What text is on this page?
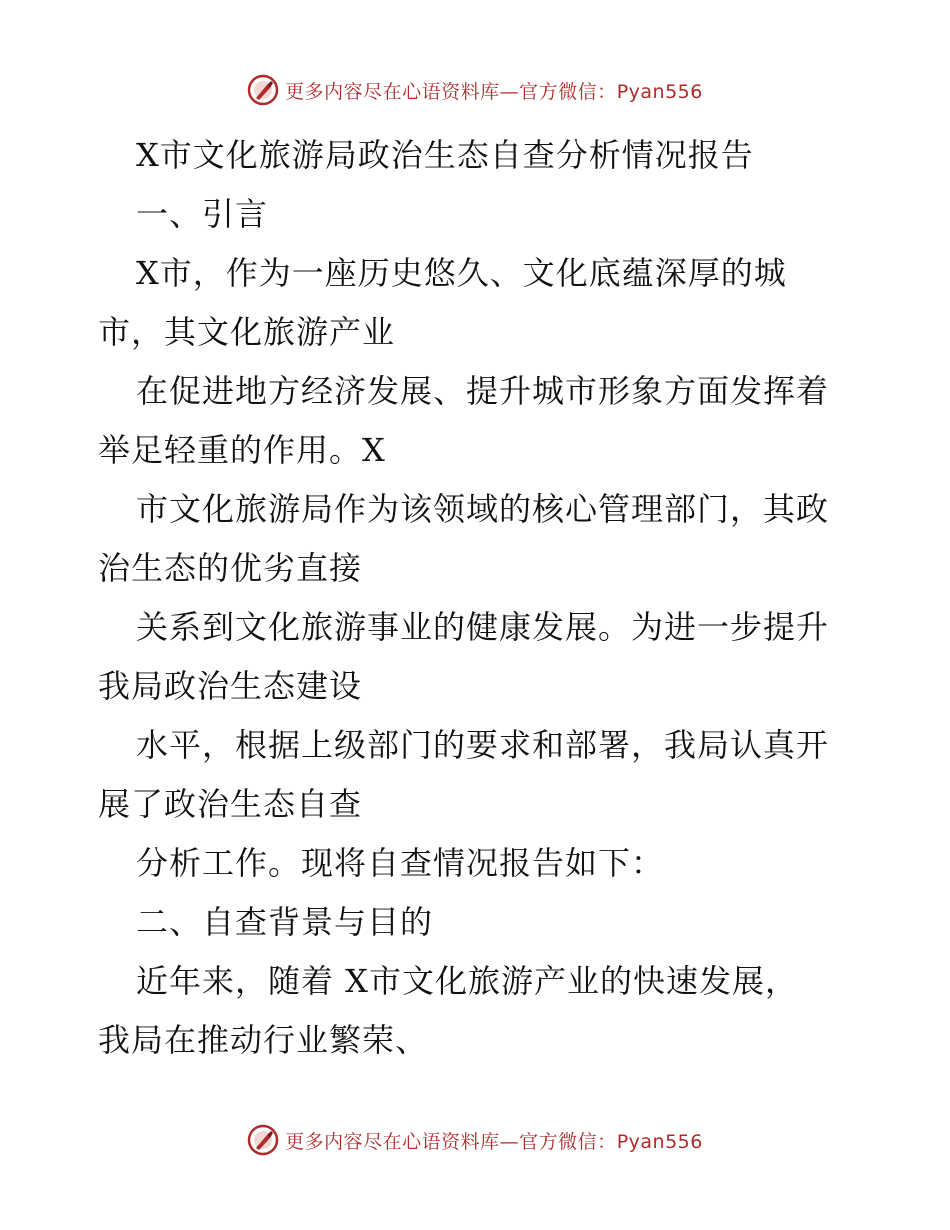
更多内容尽在心语资料库—官方微信：Pyan556
X市文化旅游局政治生态自查分析情况报告
一、引言
X市，作为一座历史悠久、文化底蕴深厚的城
市，其文化旅游产业
在促进地方经济发展、提升城市形象方面发挥着
举足轻重的作用。X
市文化旅游局作为该领域的核心管理部门，其政
治生态的优劣直接
关系到文化旅游事业的健康发展。为进一步提升
我局政治生态建设
水平，根据上级部门的要求和部署，我局认真开
展了政治生态自查
分析工作。现将自查情况报告如下：
二、自查背景与目的
近年来，随着 X市文化旅游产业的快速发展，
我局在推动行业繁荣、
更多内容尽在心语资料库—官方微信：Pyan556
